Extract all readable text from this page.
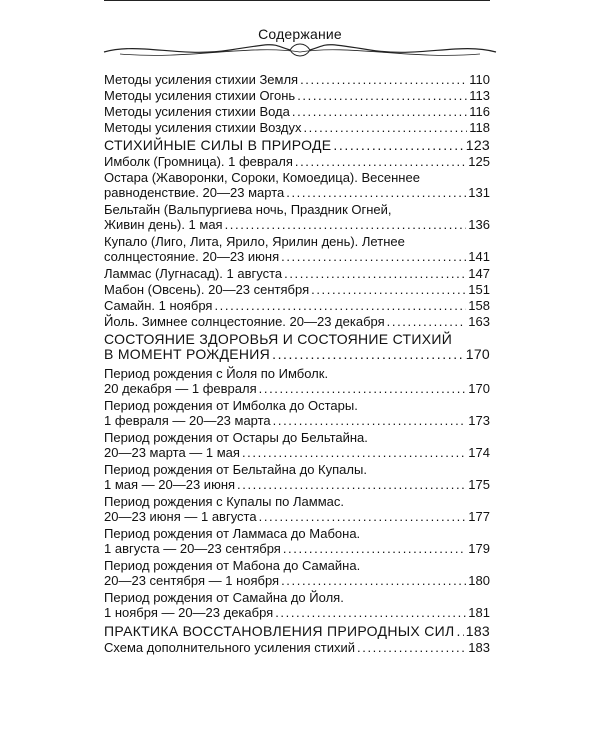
Содержание
Методы усиления стихии Земля .....	110
Методы усиления стихии Огонь .....	113
Методы усиления стихии Вода .....	116
Методы усиления стихии Воздух .....	118
СТИХИЙНЫЕ СИЛЫ В ПРИРОДЕ .....	123
Имболк (Громница). 1 февраля .....	125
Остара (Жаворонки, Сороки, Комоедица). Весеннее
равноденствие. 20—23 марта .....	131
Бельтайн (Вальпургиева ночь, Праздник Огней,
Живин день). 1 мая .....	136
Купало (Лиго, Лита, Ярило, Ярилин день). Летнее
солнцестояние. 20—23 июня .....	141
Ламмас (Лугнасад). 1 августа .....	147
Мабон (Овсень). 20—23 сентября .....	151
Самайн. 1 ноября .....	158
Йоль. Зимнее солнцестояние. 20—23 декабря .....	163
СОСТОЯНИЕ ЗДОРОВЬЯ И СОСТОЯНИЕ СТИХИЙ
В МОМЕНТ РОЖДЕНИЯ .....	170
Период рождения с Йоля по Имболк.
20 декабря — 1 февраля .....	170
Период рождения от Имболка до Остары.
1 февраля — 20—23 марта .....	173
Период рождения от Остары до Бельтайна.
20—23 марта — 1 мая .....	174
Период рождения от Бельтайна до Купалы.
1 мая — 20—23 июня .....	175
Период рождения с Купалы по Ламмас.
20—23 июня — 1 августа .....	177
Период рождения от Ламмаса до Мабона.
1 августа — 20—23 сентября .....	179
Период рождения от Мабона до Самайна.
20—23 сентября — 1 ноября .....	180
Период рождения от Самайна до Йоля.
1 ноября — 20—23 декабря .....	181
ПРАКТИКА ВОССТАНОВЛЕНИЯ ПРИРОДНЫХ СИЛ ..... 183
Схема дополнительного усиления стихий .....	183
